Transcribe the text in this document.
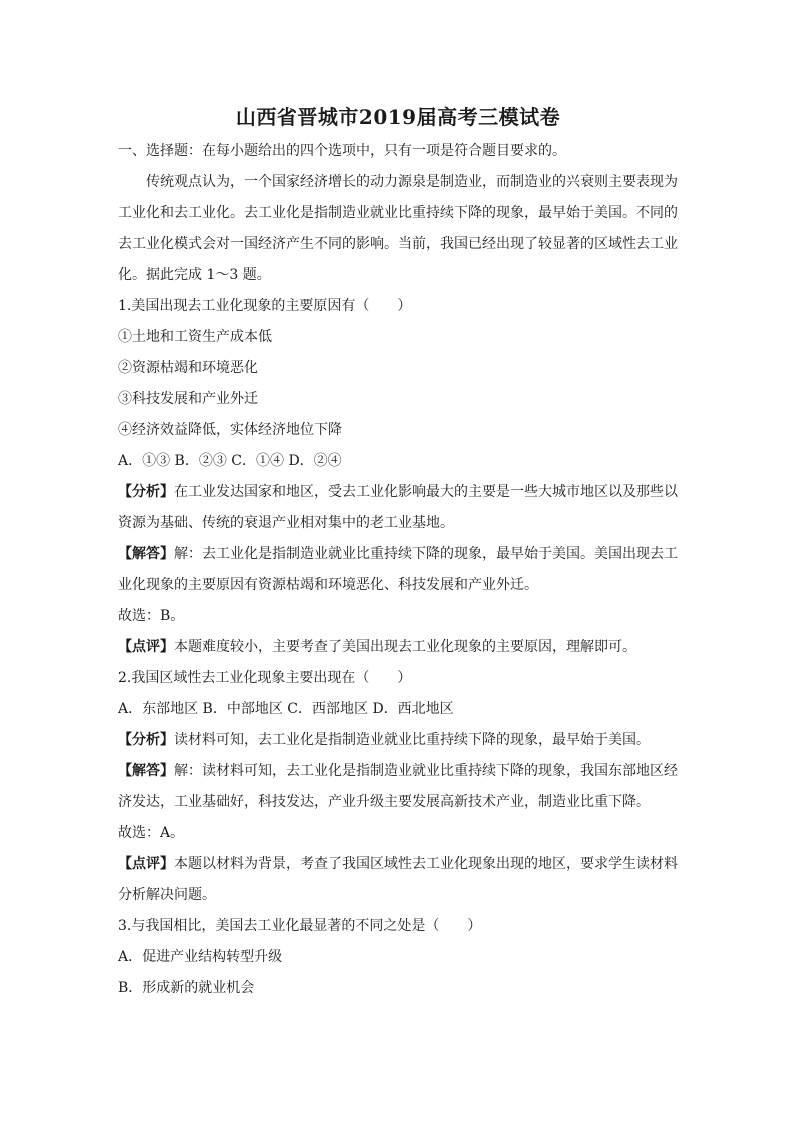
山西省晋城市2019届高考三模试卷
一、选择题：在每小题给出的四个选项中，只有一项是符合题目要求的。
传统观点认为，一个国家经济增长的动力源泉是制造业，而制造业的兴衰则主要表现为
工业化和去工业化。去工业化是指制造业就业比重持续下降的现象，最早始于美国。不同的
去工业化模式会对一国经济产生不同的影响。当前，我国已经出现了较显著的区域性去工业
化。据此完成 1～3 题。
1.美国出现去工业化现象的主要原因有（　　）
①土地和工资生产成本低
②资源枯竭和环境恶化
③科技发展和产业外迁
④经济效益降低，实体经济地位下降
A．①③ B．②③ C．①④ D．②④
【分析】在工业发达国家和地区，受去工业化影响最大的主要是一些大城市地区以及那些以
资源为基础、传统的衰退产业相对集中的老工业基地。
【解答】解：去工业化是指制造业就业比重持续下降的现象，最早始于美国。美国出现去工
业化现象的主要原因有资源枯竭和环境恶化、科技发展和产业外迁。
故选：B。
【点评】本题难度较小，主要考查了美国出现去工业化现象的主要原因，理解即可。
2.我国区域性去工业化现象主要出现在（　　）
A．东部地区 B．中部地区 C．西部地区 D．西北地区
【分析】读材料可知，去工业化是指制造业就业比重持续下降的现象，最早始于美国。
【解答】解：读材料可知，去工业化是指制造业就业比重持续下降的现象，我国东部地区经
济发达，工业基础好，科技发达，产业升级主要发展高新技术产业，制造业比重下降。
故选：A。
【点评】本题以材料为背景，考查了我国区域性去工业化现象出现的地区，要求学生读材料
分析解决问题。
3.与我国相比，美国去工业化最显著的不同之处是（　　）
A．促进产业结构转型升级
B．形成新的就业机会
